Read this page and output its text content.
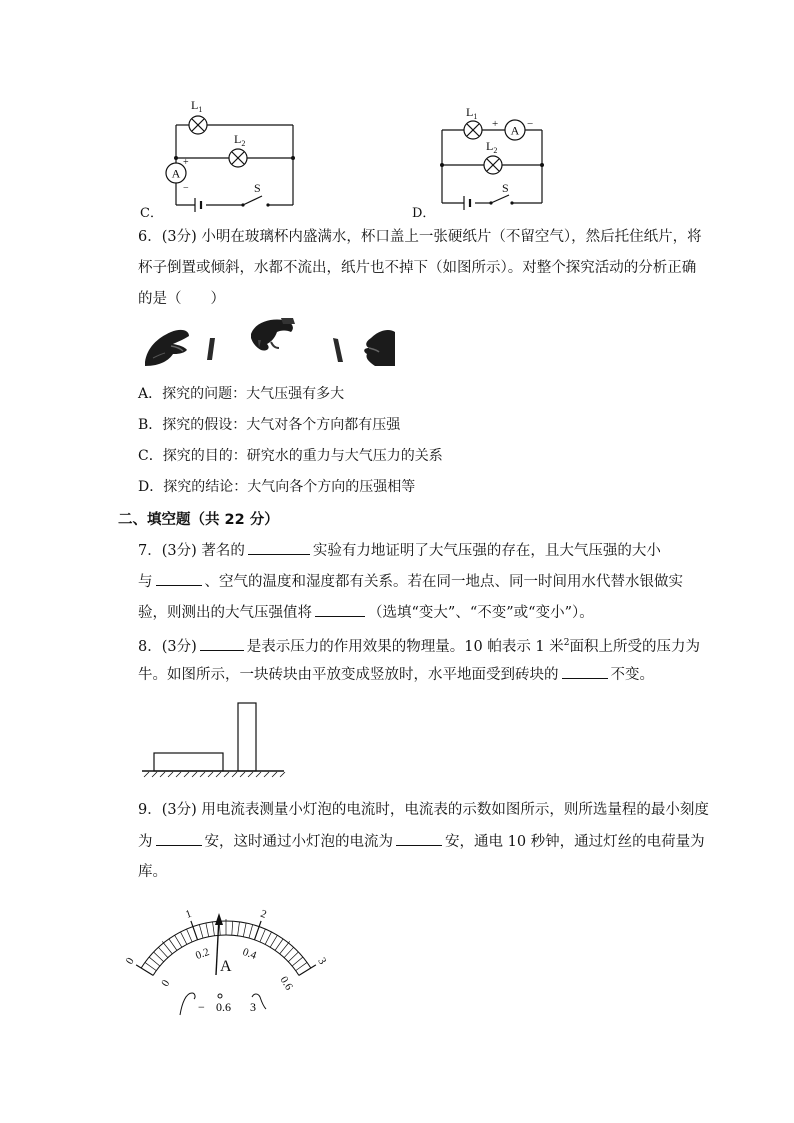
C．
A
+
−
$L_1$
$L_2$
S
D．
A
+	−
$L_1$
$L_2$
S
6．(3分) 小明在玻璃杯内盛满水，杯口盖上一张硬纸片（不留空气），然后托住纸片，将
杯子倒置或倾斜，水都不流出，纸片也不掉下（如图所示）。对整个探究活动的分析正确
的是（　　）
A．探究的问题：大气压强有多大
B．探究的假设：大气对各个方向都有压强
C．探究的目的：研究水的重力与大气压力的关系
D．探究的结论：大气向各个方向的压强相等
二、填空题（共 22 分）
7．(3分) 著名的	实验有力地证明了大气压强的存在，且大气压强的大小
与	、空气的温度和湿度都有关系。若在同一地点、同一时间用水代替水银做实
验，则测出的大气压强值将	（选填“变大”、“不变”或“变小”）。
8．(3分)	是表示压力的作用效果的物理量。10 帕表示 1 米$^2$面积上所受的压力为
牛。如图所示，一块砖块由平放变成竖放时，水平地面受到砖块的	不变。
9．(3分) 用电流表测量小灯泡的电流时，电流表的示数如图所示，则所选量程的最小刻度
为	安，这时通过小灯泡的电流为	安，通电 10 秒钟，通过灯丝的电荷量为
库。
0
1	2
3
0
0.2	0.4
0.6
A
− 0.6 3
